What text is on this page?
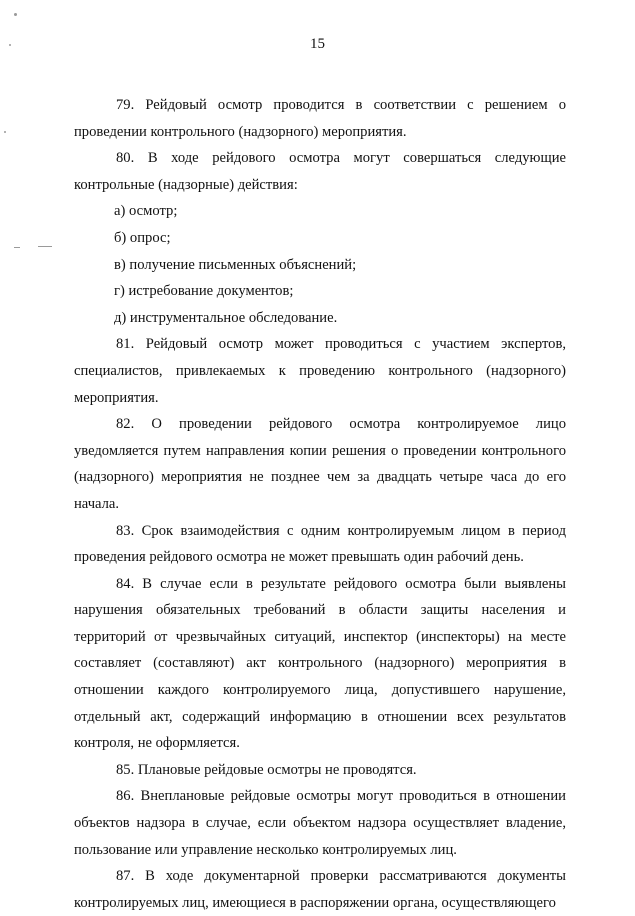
15

79. Рейдовый осмотр проводится в соответствии с решением о проведении контрольного (надзорного) мероприятия.

80. В ходе рейдового осмотра могут совершаться следующие контрольные (надзорные) действия:

а) осмотр;

б) опрос;

в) получение письменных объяснений;

г) истребование документов;

д) инструментальное обследование.

81. Рейдовый осмотр может проводиться с участием экспертов, специалистов, привлекаемых к проведению контрольного (надзорного) мероприятия.

82. О проведении рейдового осмотра контролируемое лицо уведомляется путем направления копии решения о проведении контрольного (надзорного) мероприятия не позднее чем за двадцать четыре часа до его начала.

83. Срок взаимодействия с одним контролируемым лицом в период проведения рейдового осмотра не может превышать один рабочий день.

84. В случае если в результате рейдового осмотра были выявлены нарушения обязательных требований в области защиты населения и территорий от чрезвычайных ситуаций, инспектор (инспекторы) на месте составляет (составляют) акт контрольного (надзорного) мероприятия в отношении каждого контролируемого лица, допустившего нарушение, отдельный акт, содержащий информацию в отношении всех результатов контроля, не оформляется.

85. Плановые рейдовые осмотры не проводятся.

86. Внеплановые рейдовые осмотры могут проводиться в отношении объектов надзора в случае, если объектом надзора осуществляет владение, пользование или управление несколько контролируемых лиц.

87. В ходе документарной проверки рассматриваются документы контролируемых лиц, имеющиеся в распоряжении органа, осуществляющего
